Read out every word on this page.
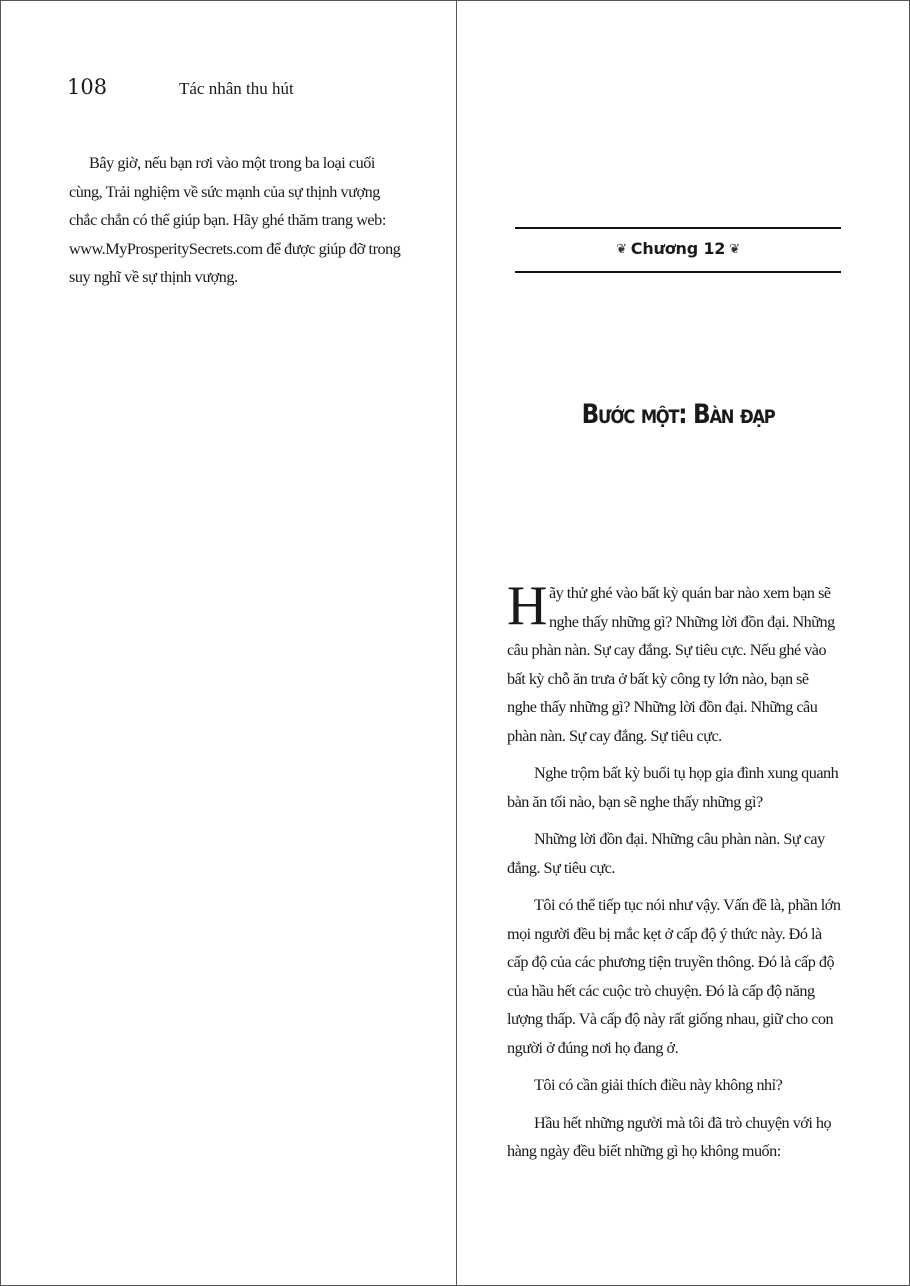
108	Tác nhân thu hút

Bây giờ, nếu bạn rơi vào một trong ba loại cuối cùng, Trải nghiệm về sức mạnh của sự thịnh vượng chắc chắn có thể giúp bạn. Hãy ghé thăm trang web: www.MyProsperitySecrets.com để được giúp đỡ trong suy nghĩ về sự thịnh vượng.

❦ Chương 12 ❦
Bước một: Bàn đạp

Hãy thử ghé vào bất kỳ quán bar nào xem bạn sẽ nghe thấy những gì? Những lời đồn đại. Những câu phàn nàn. Sự cay đắng. Sự tiêu cực. Nếu ghé vào bất kỳ chỗ ăn trưa ở bất kỳ công ty lớn nào, bạn sẽ nghe thấy những gì? Những lời đồn đại. Những câu phàn nàn. Sự cay đắng. Sự tiêu cực.

Nghe trộm bất kỳ buổi tụ họp gia đình xung quanh bàn ăn tối nào, bạn sẽ nghe thấy những gì?

Những lời đồn đại. Những câu phàn nàn. Sự cay đắng. Sự tiêu cực.

Tôi có thể tiếp tục nói như vậy. Vấn đề là, phần lớn mọi người đều bị mắc kẹt ở cấp độ ý thức này. Đó là cấp độ của các phương tiện truyền thông. Đó là cấp độ của hầu hết các cuộc trò chuyện. Đó là cấp độ năng lượng thấp. Và cấp độ này rất giống nhau, giữ cho con người ở đúng nơi họ đang ở.

Tôi có cần giải thích điều này không nhỉ?

Hầu hết những người mà tôi đã trò chuyện với họ hàng ngày đều biết những gì họ không muốn:
